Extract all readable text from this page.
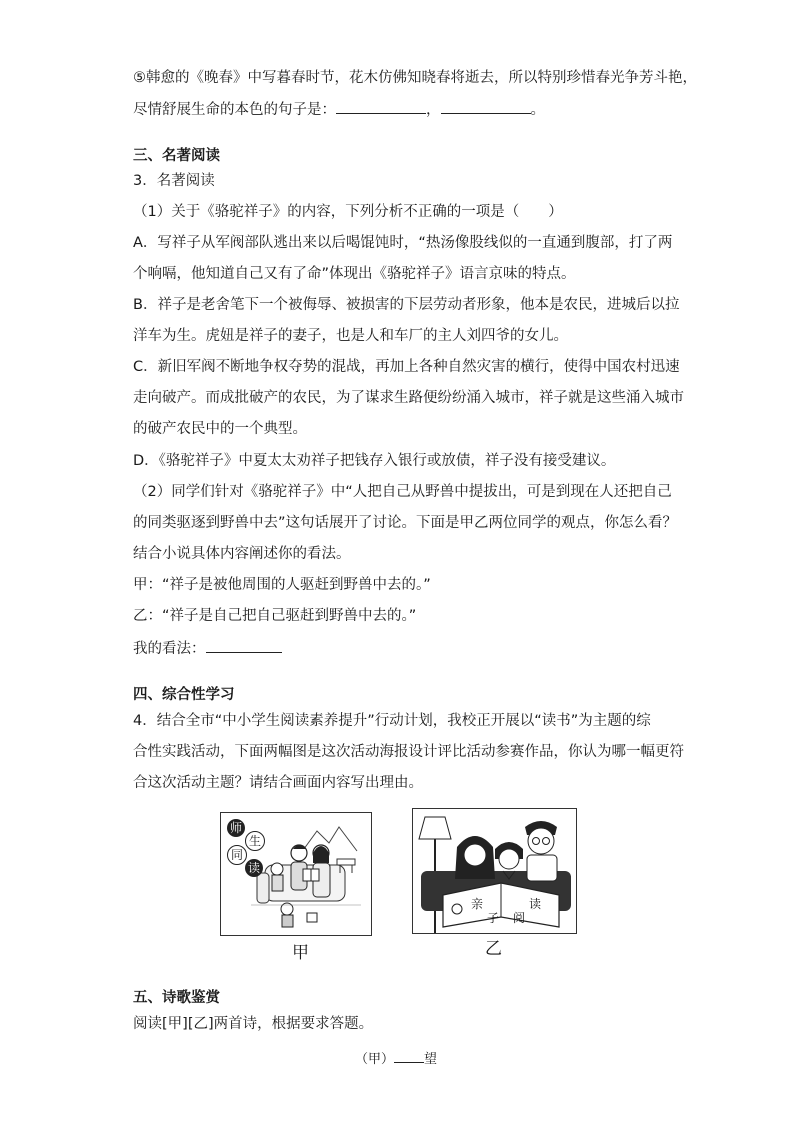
⑤韩愈的《晚春》中写暮春时节，花木仿佛知晓春将逝去，所以特别珍惜春光争芳斗艳，
尽情舒展生命的本色的句子是：	，	。
三、名著阅读
3．名著阅读
（1）关于《骆驼祥子》的内容，下列分析不正确的一项是（　　）
A．写祥子从军阀部队逃出来以后喝馄饨时，“热汤像股线似的一直通到腹部，打了两
个响嗝，他知道自己又有了命”体现出《骆驼祥子》语言京味的特点。
B．祥子是老舍笔下一个被侮辱、被损害的下层劳动者形象，他本是农民，进城后以拉
洋车为生。虎妞是祥子的妻子，也是人和车厂的主人刘四爷的女儿。
C．新旧军阀不断地争权夺势的混战，再加上各种自然灾害的横行，使得中国农村迅速
走向破产。而成批破产的农民，为了谋求生路便纷纷涌入城市，祥子就是这些涌入城市
的破产农民中的一个典型。
D．《骆驼祥子》中夏太太劝祥子把钱存入银行或放债，祥子没有接受建议。
（2）同学们针对《骆驼祥子》中“人把自己从野兽中提拔出，可是到现在人还把自己
的同类驱逐到野兽中去”这句话展开了讨论。下面是甲乙两位同学的观点，你怎么看？
结合小说具体内容阐述你的看法。
甲：“祥子是被他周围的人驱赶到野兽中去的。”
乙：“祥子是自己把自己驱赶到野兽中去的。”
我的看法：
四、综合性学习
4．结合全市“中小学生阅读素养提升”行动计划，我校正开展以“读书”为主题的综
合性实践活动，下面两幅图是这次活动海报设计评比活动参赛作品，你认为哪一幅更符
合这次活动主题？请结合画面内容写出理由。
师
生
同
读
甲
亲
子 阅
读
乙
五、诗歌鉴赏
阅读[甲][乙]两首诗，根据要求答题。
（甲） 望
